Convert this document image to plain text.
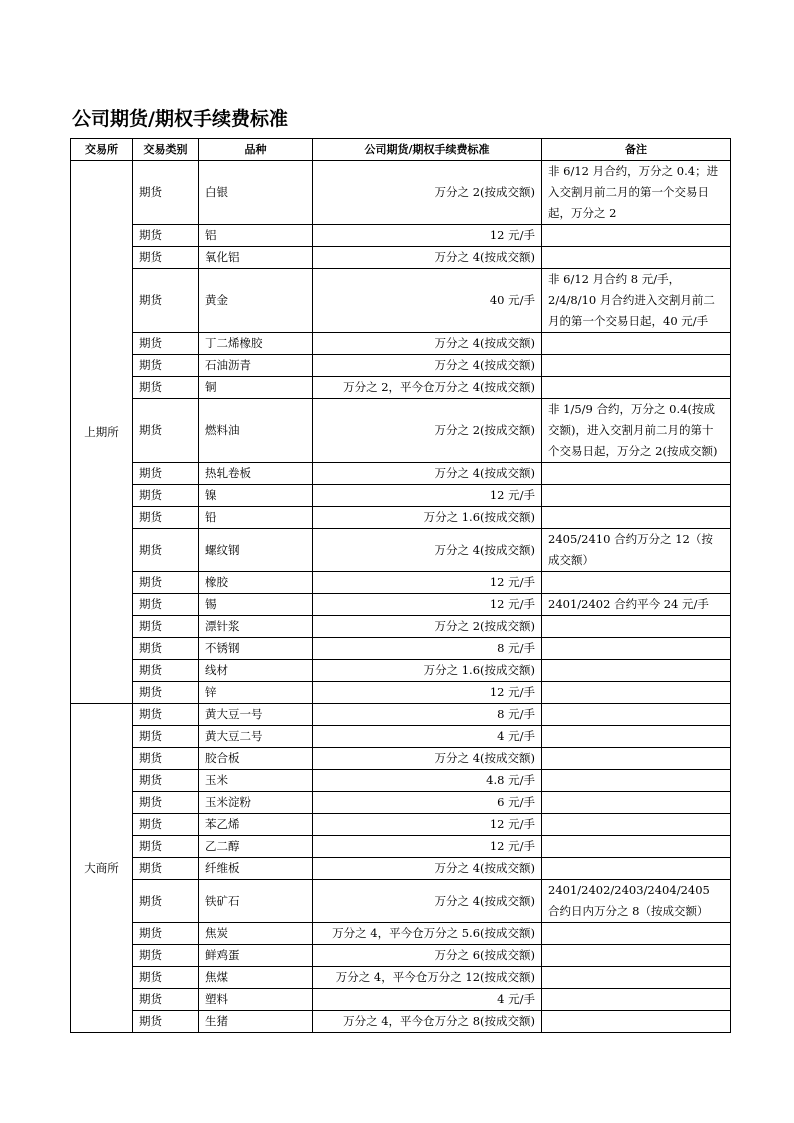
公司期货/期权手续费标准
交易所	交易类别	品种	公司期货/期权手续费标准	备注
上期所	期货	白银	万分之 2(按成交额)	非 6/12 月合约，万分之 0.4；进入交割月前二月的第一个交易日起，万分之 2
	期货	铝	12 元/手	
	期货	氧化铝	万分之 4(按成交额)	
	期货	黄金	40 元/手	非 6/12 月合约 8 元/手，2/4/8/10 月合约进入交割月前二月的第一个交易日起，40 元/手
	期货	丁二烯橡胶	万分之 4(按成交额)	
	期货	石油沥青	万分之 4(按成交额)	
	期货	铜	万分之 2，平今仓万分之 4(按成交额)	
	期货	燃料油	万分之 2(按成交额)	非 1/5/9 合约，万分之 0.4(按成交额)，进入交割月前二月的第十个交易日起，万分之 2(按成交额)
	期货	热轧卷板	万分之 4(按成交额)	
	期货	镍	12 元/手	
	期货	铅	万分之 1.6(按成交额)	
	期货	螺纹钢	万分之 4(按成交额)	2405/2410 合约万分之 12（按成交额）
	期货	橡胶	12 元/手	
	期货	锡	12 元/手	2401/2402 合约平今 24 元/手
	期货	漂针浆	万分之 2(按成交额)	
	期货	不锈钢	8 元/手	
	期货	线材	万分之 1.6(按成交额)	
	期货	锌	12 元/手	
大商所	期货	黄大豆一号	8 元/手	
	期货	黄大豆二号	4 元/手	
	期货	胶合板	万分之 4(按成交额)	
	期货	玉米	4.8 元/手	
	期货	玉米淀粉	6 元/手	
	期货	苯乙烯	12 元/手	
	期货	乙二醇	12 元/手	
	期货	纤维板	万分之 4(按成交额)	
	期货	铁矿石	万分之 4(按成交额)	2401/2402/2403/2404/2405 合约日内万分之 8（按成交额）
	期货	焦炭	万分之 4，平今仓万分之 5.6(按成交额)	
	期货	鲜鸡蛋	万分之 6(按成交额)	
	期货	焦煤	万分之 4，平今仓万分之 12(按成交额)	
	期货	塑料	4 元/手	
	期货	生猪	万分之 4，平今仓万分之 8(按成交额)	
